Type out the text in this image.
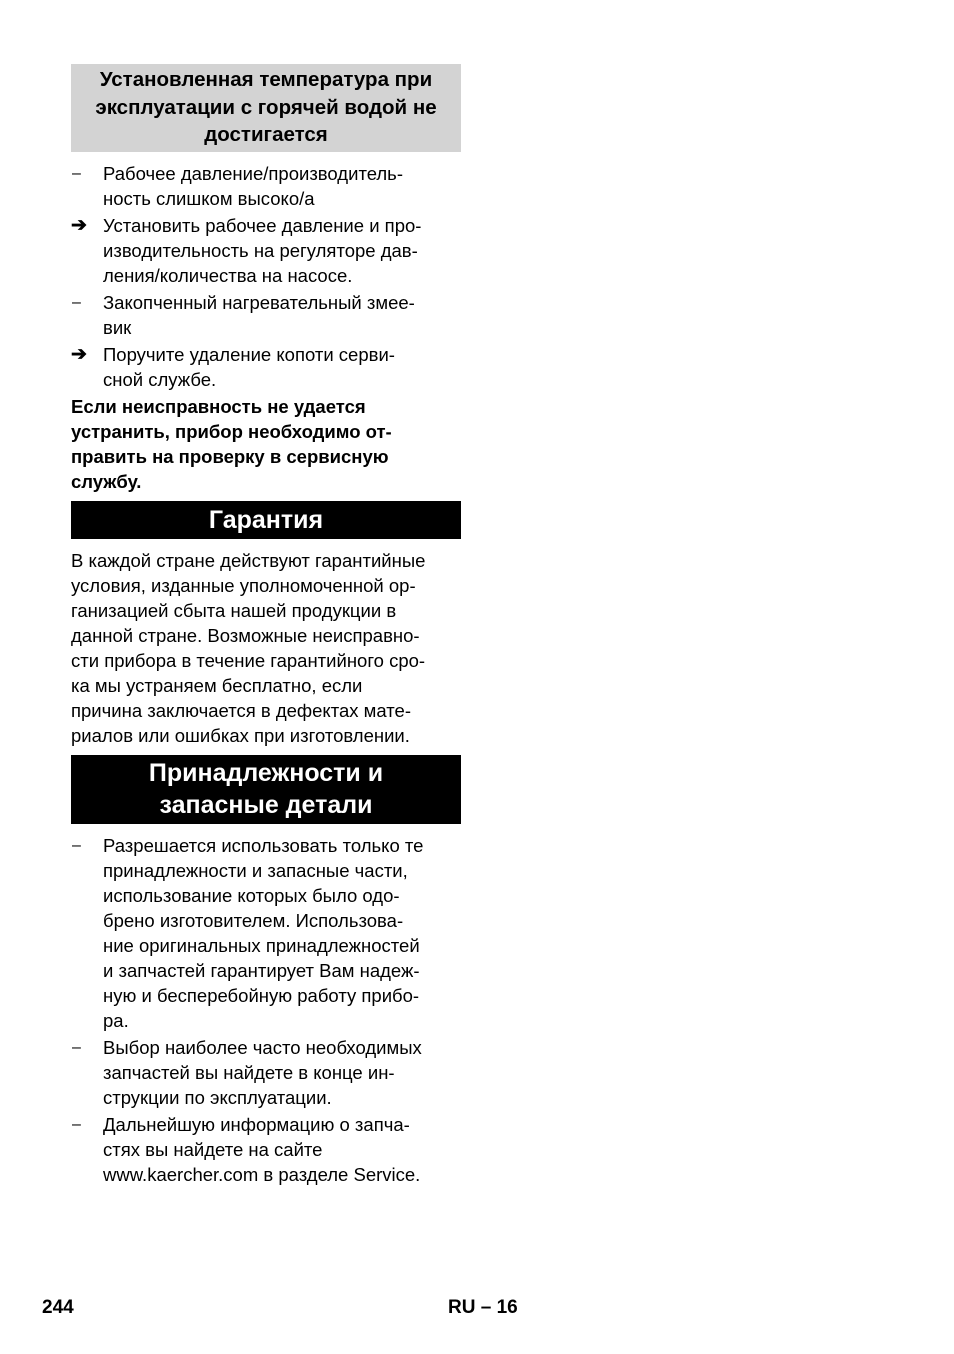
Установленная температура при эксплуатации с горячей водой не достигается
–	Рабочее давление/производитель-
ность слишком высоко/а
➔ Установить рабочее давление и про-
изводительность на регуляторе дав-
ления/количества на насосе.
–	Закопченный нагревательный змее-
вик
➔ Поручите удаление копоти серви-
сной службе.
Если неисправность не удается
устранить, прибор необходимо от-
править на проверку в сервисную
службу.
Гарантия
В каждой стране действуют гарантийные
условия, изданные уполномоченной ор-
ганизацией сбыта нашей продукции в
данной стране. Возможные неисправно-
сти прибора в течение гарантийного сро-
ка мы устраняем бесплатно, если
причина заключается в дефектах мате-
риалов или ошибках при изготовлении.
Принадлежности и
запасные детали
–	Разрешается использовать только те
принадлежности и запасные части,
использование которых было одо-
брено изготовителем. Использова-
ние оригинальных принадлежностей
и запчастей гарантирует Вам надеж-
ную и бесперебойную работу прибо-
ра.
–	Выбор наиболее часто необходимых
запчастей вы найдете в конце ин-
струкции по эксплуатации.
–	Дальнейшую информацию о запча-
стях вы найдете на сайте
www.kaercher.com в разделе Service.
244	RU – 16
